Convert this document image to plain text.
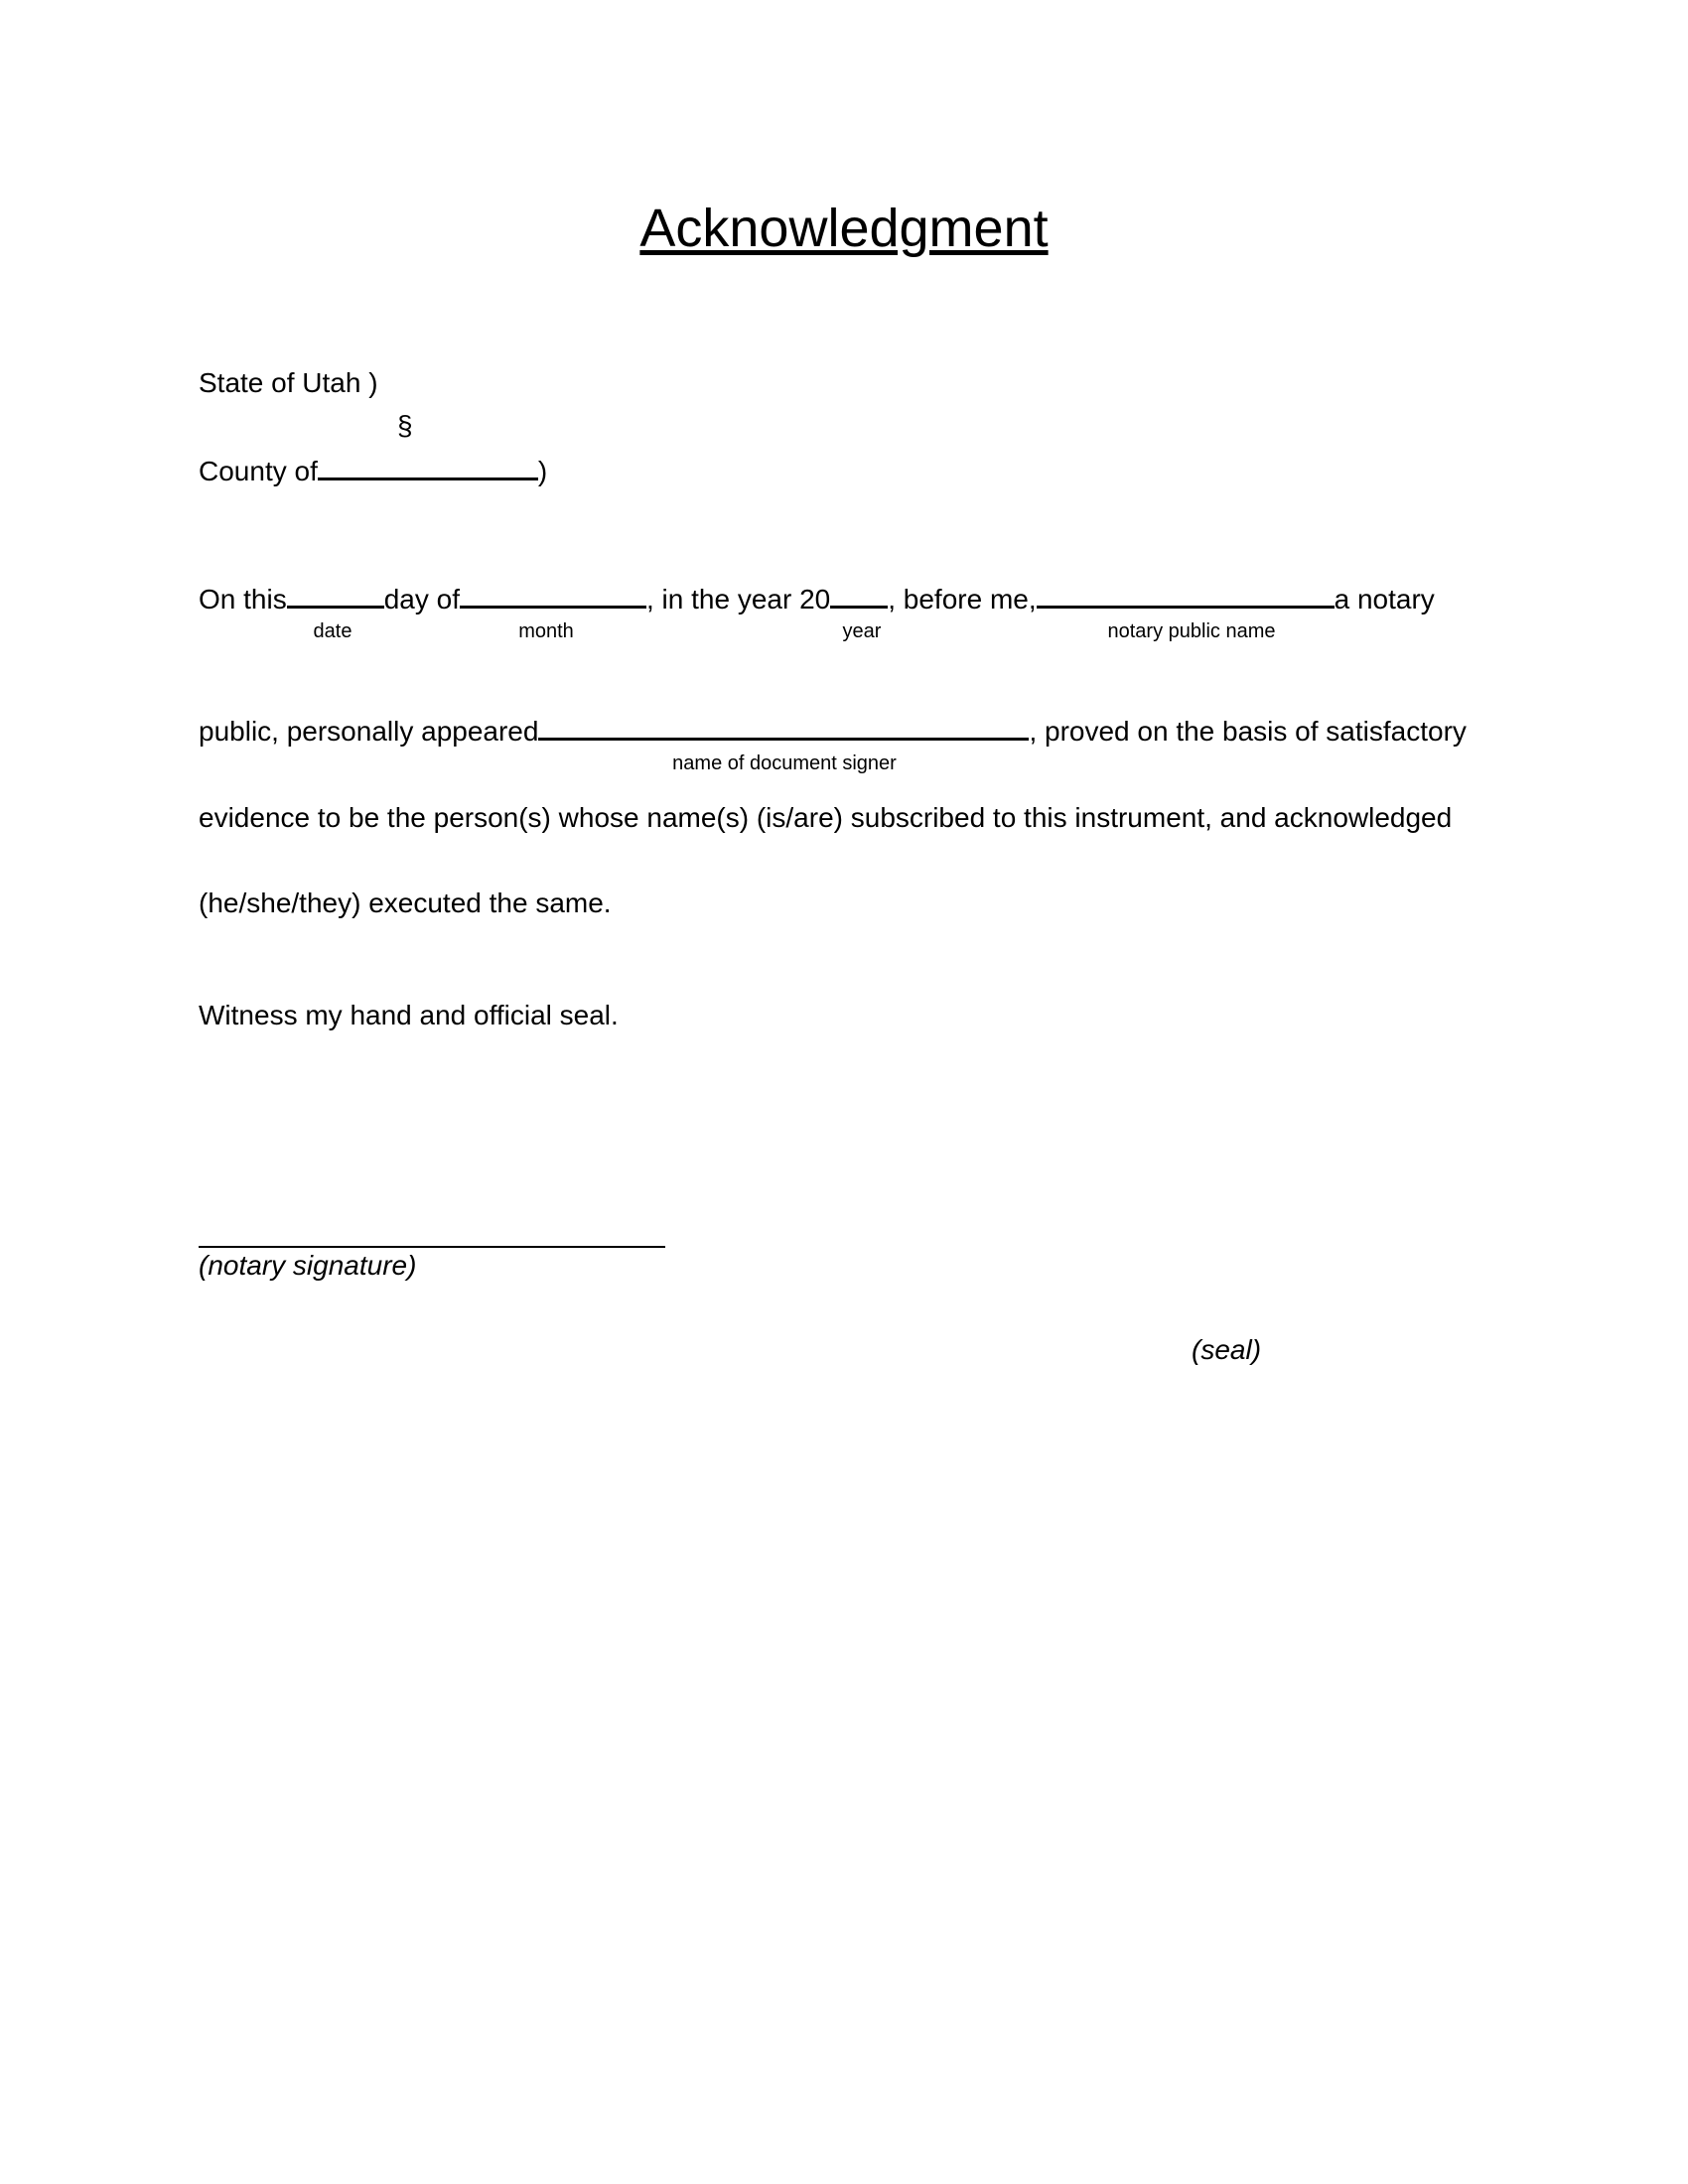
Acknowledgment
State of Utah )
§
County of	)
On this	day of	, in the year 20 , before me,	a notary
date	month	year	notary public name
public, personally appeared	, proved on the basis of satisfactory
name of document signer
evidence to be the person(s) whose name(s) (is/are) subscribed to this instrument, and acknowledged
(he/she/they) executed the same.
Witness my hand and official seal.
(notary signature)
(seal)
